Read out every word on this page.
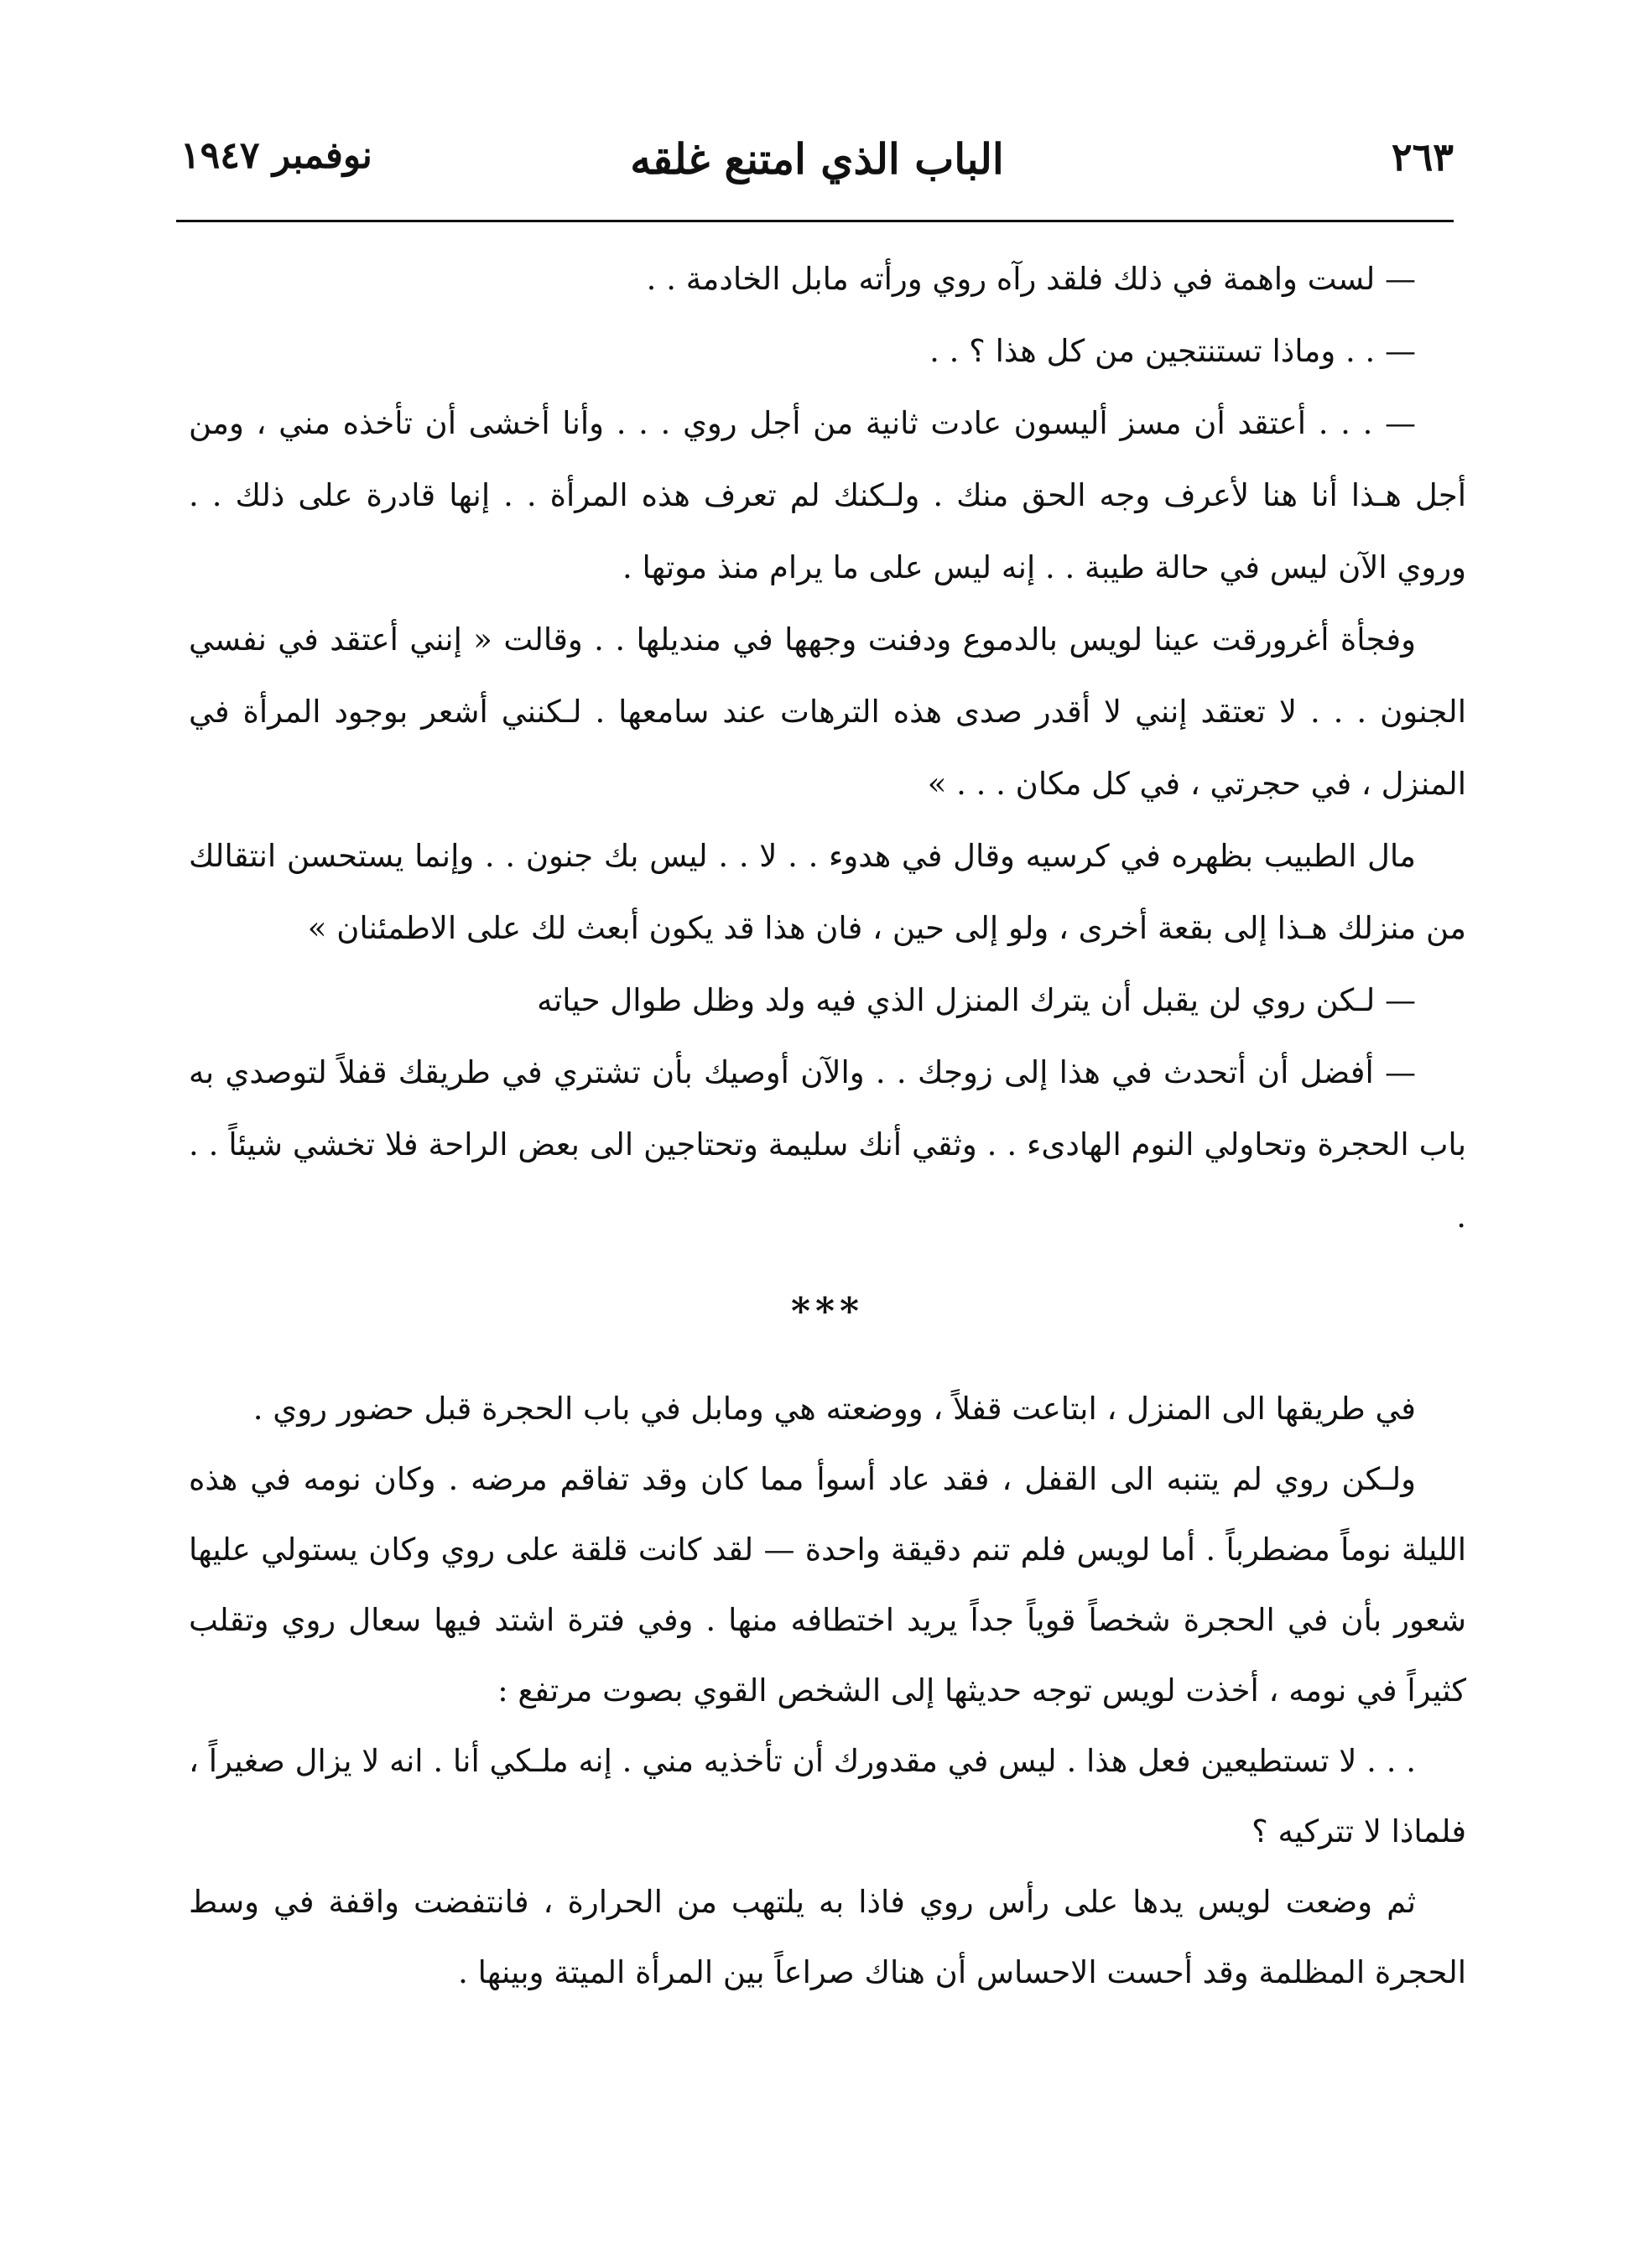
نوفمبر ١٩٤٧	الباب الذي امتنع غلقه	٢٦٣

— لست واهمة في ذلك فلقد رآه روي ورأته مابل الخادمة . .

— . . وماذا تستنتجين من كل هذا ؟ . .

— . . . أعتقد أن مسز أليسون عادت ثانية من أجل روي . . . وأنا أخشى أن تأخذه مني ، ومن أجل هـذا أنا هنا لأعرف وجه الحق منك . ولـكنك لم تعرف هذه المرأة . . إنها قادرة على ذلك . . وروي الآن ليس في حالة طيبة . . إنه ليس على ما يرام منذ موتها .

وفجأة أغرورقت عينا لويس بالدموع ودفنت وجهها في منديلها . . وقالت « إنني أعتقد في نفسي الجنون . . . لا تعتقد إنني لا أقدر صدى هذه الترهات عند سامعها . لـكنني أشعر بوجود المرأة في المنزل ، في حجرتي ، في كل مكان . . . »

مال الطبيب بظهره في كرسيه وقال في هدوء . . لا . . ليس بك جنون . . وإنما يستحسن انتقالك من منزلك هـذا إلى بقعة أخرى ، ولو إلى حين ، فان هذا قد يكون أبعث لك على الاطمئنان »

— لـكن روي لن يقبل أن يترك المنزل الذي فيه ولد وظل طوال حياته

— أفضل أن أتحدث في هذا إلى زوجك . . والآن أوصيك بأن تشتري في طريقك قفلاً لتوصدي به باب الحجرة وتحاولي النوم الهادىء . . وثقي أنك سليمة وتحتاجين الى بعض الراحة فلا تخشي شيئاً . . .

***

في طريقها الى المنزل ، ابتاعت قفلاً ، ووضعته هي ومابل في باب الحجرة قبل حضور روي .

ولـكن روي لم يتنبه الى القفل ، فقد عاد أسوأ مما كان وقد تفاقم مرضه . وكان نومه في هذه الليلة نوماً مضطرباً . أما لويس فلم تنم دقيقة واحدة — لقد كانت قلقة على روي وكان يستولي عليها شعور بأن في الحجرة شخصاً قوياً جداً يريد اختطافه منها . وفي فترة اشتد فيها سعال روي وتقلب كثيراً في نومه ، أخذت لويس توجه حديثها إلى الشخص القوي بصوت مرتفع :

. . . لا تستطيعين فعل هذا . ليس في مقدورك أن تأخذيه مني . إنه ملـكي أنا . انه لا يزال صغيراً ، فلماذا لا تتركيه ؟

ثم وضعت لويس يدها على رأس روي فاذا به يلتهب من الحرارة ، فانتفضت واقفة في وسط الحجرة المظلمة وقد أحست الاحساس أن هناك صراعاً بين المرأة الميتة وبينها .
